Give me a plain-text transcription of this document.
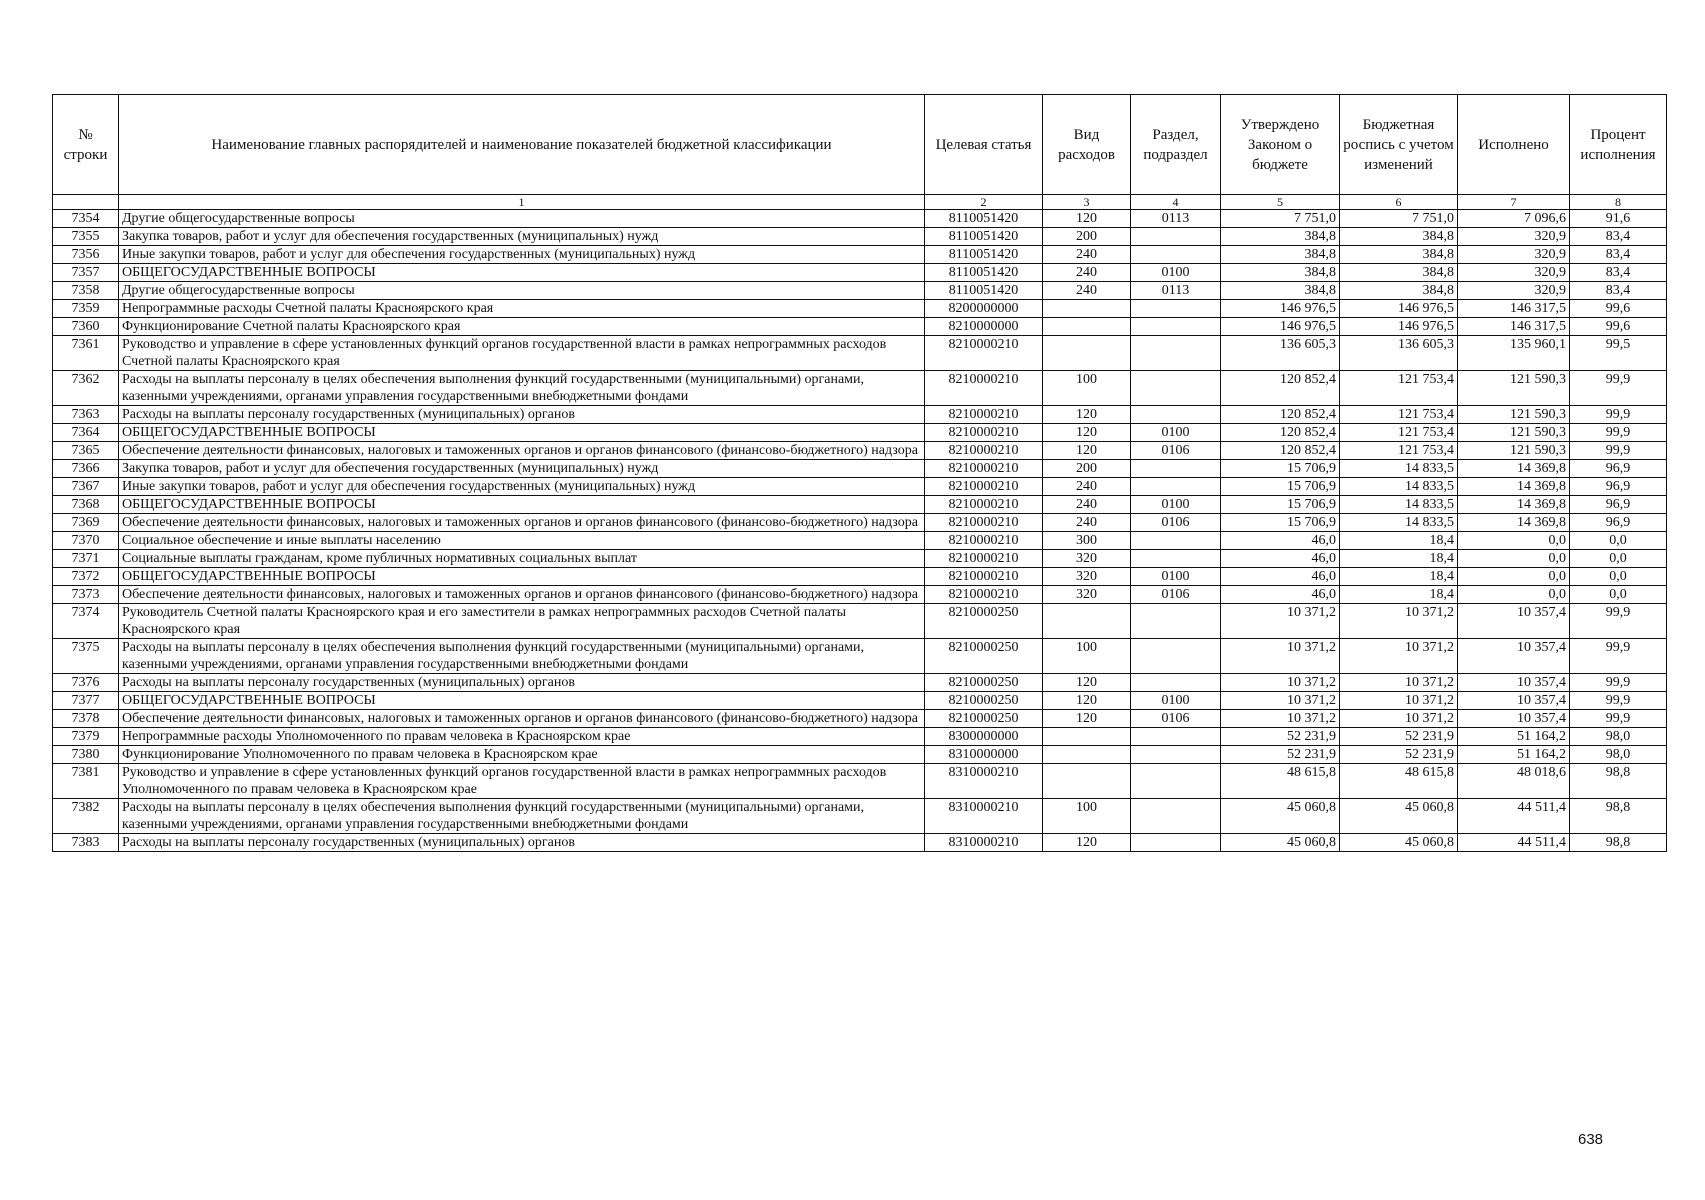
№ строки	Наименование главных распорядителей и наименование показателей бюджетной классификации	Целевая статья	Вид расходов	Раздел, подраздел	Утверждено Законом о бюджете	Бюджетная роспись с учетом изменений	Исполнено	Процент исполнения
	1	2	3	4	5	6	7	8
7354	Другие общегосударственные вопросы	8110051420	120	0113	7 751,0	7 751,0	7 096,6	91,6
7355	Закупка товаров, работ и услуг для обеспечения государственных (муниципальных) нужд	8110051420	200		384,8	384,8	320,9	83,4
7356	Иные закупки товаров, работ и услуг для обеспечения государственных (муниципальных) нужд	8110051420	240		384,8	384,8	320,9	83,4
7357	ОБЩЕГОСУДАРСТВЕННЫЕ ВОПРОСЫ	8110051420	240	0100	384,8	384,8	320,9	83,4
7358	Другие общегосударственные вопросы	8110051420	240	0113	384,8	384,8	320,9	83,4
7359	Непрограммные расходы Счетной палаты Красноярского края	8200000000			146 976,5	146 976,5	146 317,5	99,6
7360	Функционирование Счетной палаты Красноярского края	8210000000			146 976,5	146 976,5	146 317,5	99,6
7361	Руководство и управление в сфере установленных функций органов государственной власти в рамках непрограммных расходов Счетной палаты Красноярского края	8210000210			136 605,3	136 605,3	135 960,1	99,5
7362	Расходы на выплаты персоналу в целях обеспечения выполнения функций государственными (муниципальными) органами, казенными учреждениями, органами управления государственными внебюджетными фондами	8210000210	100		120 852,4	121 753,4	121 590,3	99,9
7363	Расходы на выплаты персоналу государственных (муниципальных) органов	8210000210	120		120 852,4	121 753,4	121 590,3	99,9
7364	ОБЩЕГОСУДАРСТВЕННЫЕ ВОПРОСЫ	8210000210	120	0100	120 852,4	121 753,4	121 590,3	99,9
7365	Обеспечение деятельности финансовых, налоговых и таможенных органов и органов финансового (финансово-бюджетного) надзора	8210000210	120	0106	120 852,4	121 753,4	121 590,3	99,9
7366	Закупка товаров, работ и услуг для обеспечения государственных (муниципальных) нужд	8210000210	200		15 706,9	14 833,5	14 369,8	96,9
7367	Иные закупки товаров, работ и услуг для обеспечения государственных (муниципальных) нужд	8210000210	240		15 706,9	14 833,5	14 369,8	96,9
7368	ОБЩЕГОСУДАРСТВЕННЫЕ ВОПРОСЫ	8210000210	240	0100	15 706,9	14 833,5	14 369,8	96,9
7369	Обеспечение деятельности финансовых, налоговых и таможенных органов и органов финансового (финансово-бюджетного) надзора	8210000210	240	0106	15 706,9	14 833,5	14 369,8	96,9
7370	Социальное обеспечение и иные выплаты населению	8210000210	300		46,0	18,4	0,0	0,0
7371	Социальные выплаты гражданам, кроме публичных нормативных социальных выплат	8210000210	320		46,0	18,4	0,0	0,0
7372	ОБЩЕГОСУДАРСТВЕННЫЕ ВОПРОСЫ	8210000210	320	0100	46,0	18,4	0,0	0,0
7373	Обеспечение деятельности финансовых, налоговых и таможенных органов и органов финансового (финансово-бюджетного) надзора	8210000210	320	0106	46,0	18,4	0,0	0,0
7374	Руководитель Счетной палаты Красноярского края и его заместители в рамках непрограммных расходов Счетной палаты Красноярского края	8210000250			10 371,2	10 371,2	10 357,4	99,9
7375	Расходы на выплаты персоналу в целях обеспечения выполнения функций государственными (муниципальными) органами, казенными учреждениями, органами управления государственными внебюджетными фондами	8210000250	100		10 371,2	10 371,2	10 357,4	99,9
7376	Расходы на выплаты персоналу государственных (муниципальных) органов	8210000250	120		10 371,2	10 371,2	10 357,4	99,9
7377	ОБЩЕГОСУДАРСТВЕННЫЕ ВОПРОСЫ	8210000250	120	0100	10 371,2	10 371,2	10 357,4	99,9
7378	Обеспечение деятельности финансовых, налоговых и таможенных органов и органов финансового (финансово-бюджетного) надзора	8210000250	120	0106	10 371,2	10 371,2	10 357,4	99,9
7379	Непрограммные расходы Уполномоченного по правам человека в Красноярском крае	8300000000			52 231,9	52 231,9	51 164,2	98,0
7380	Функционирование Уполномоченного по правам человека в Красноярском крае	8310000000			52 231,9	52 231,9	51 164,2	98,0
7381	Руководство и управление в сфере установленных функций органов государственной власти в рамках непрограммных расходов Уполномоченного по правам человека в Красноярском крае	8310000210			48 615,8	48 615,8	48 018,6	98,8
7382	Расходы на выплаты персоналу в целях обеспечения выполнения функций государственными (муниципальными) органами, казенными учреждениями, органами управления государственными внебюджетными фондами	8310000210	100		45 060,8	45 060,8	44 511,4	98,8
7383	Расходы на выплаты персоналу государственных (муниципальных) органов	8310000210	120		45 060,8	45 060,8	44 511,4	98,8
638
